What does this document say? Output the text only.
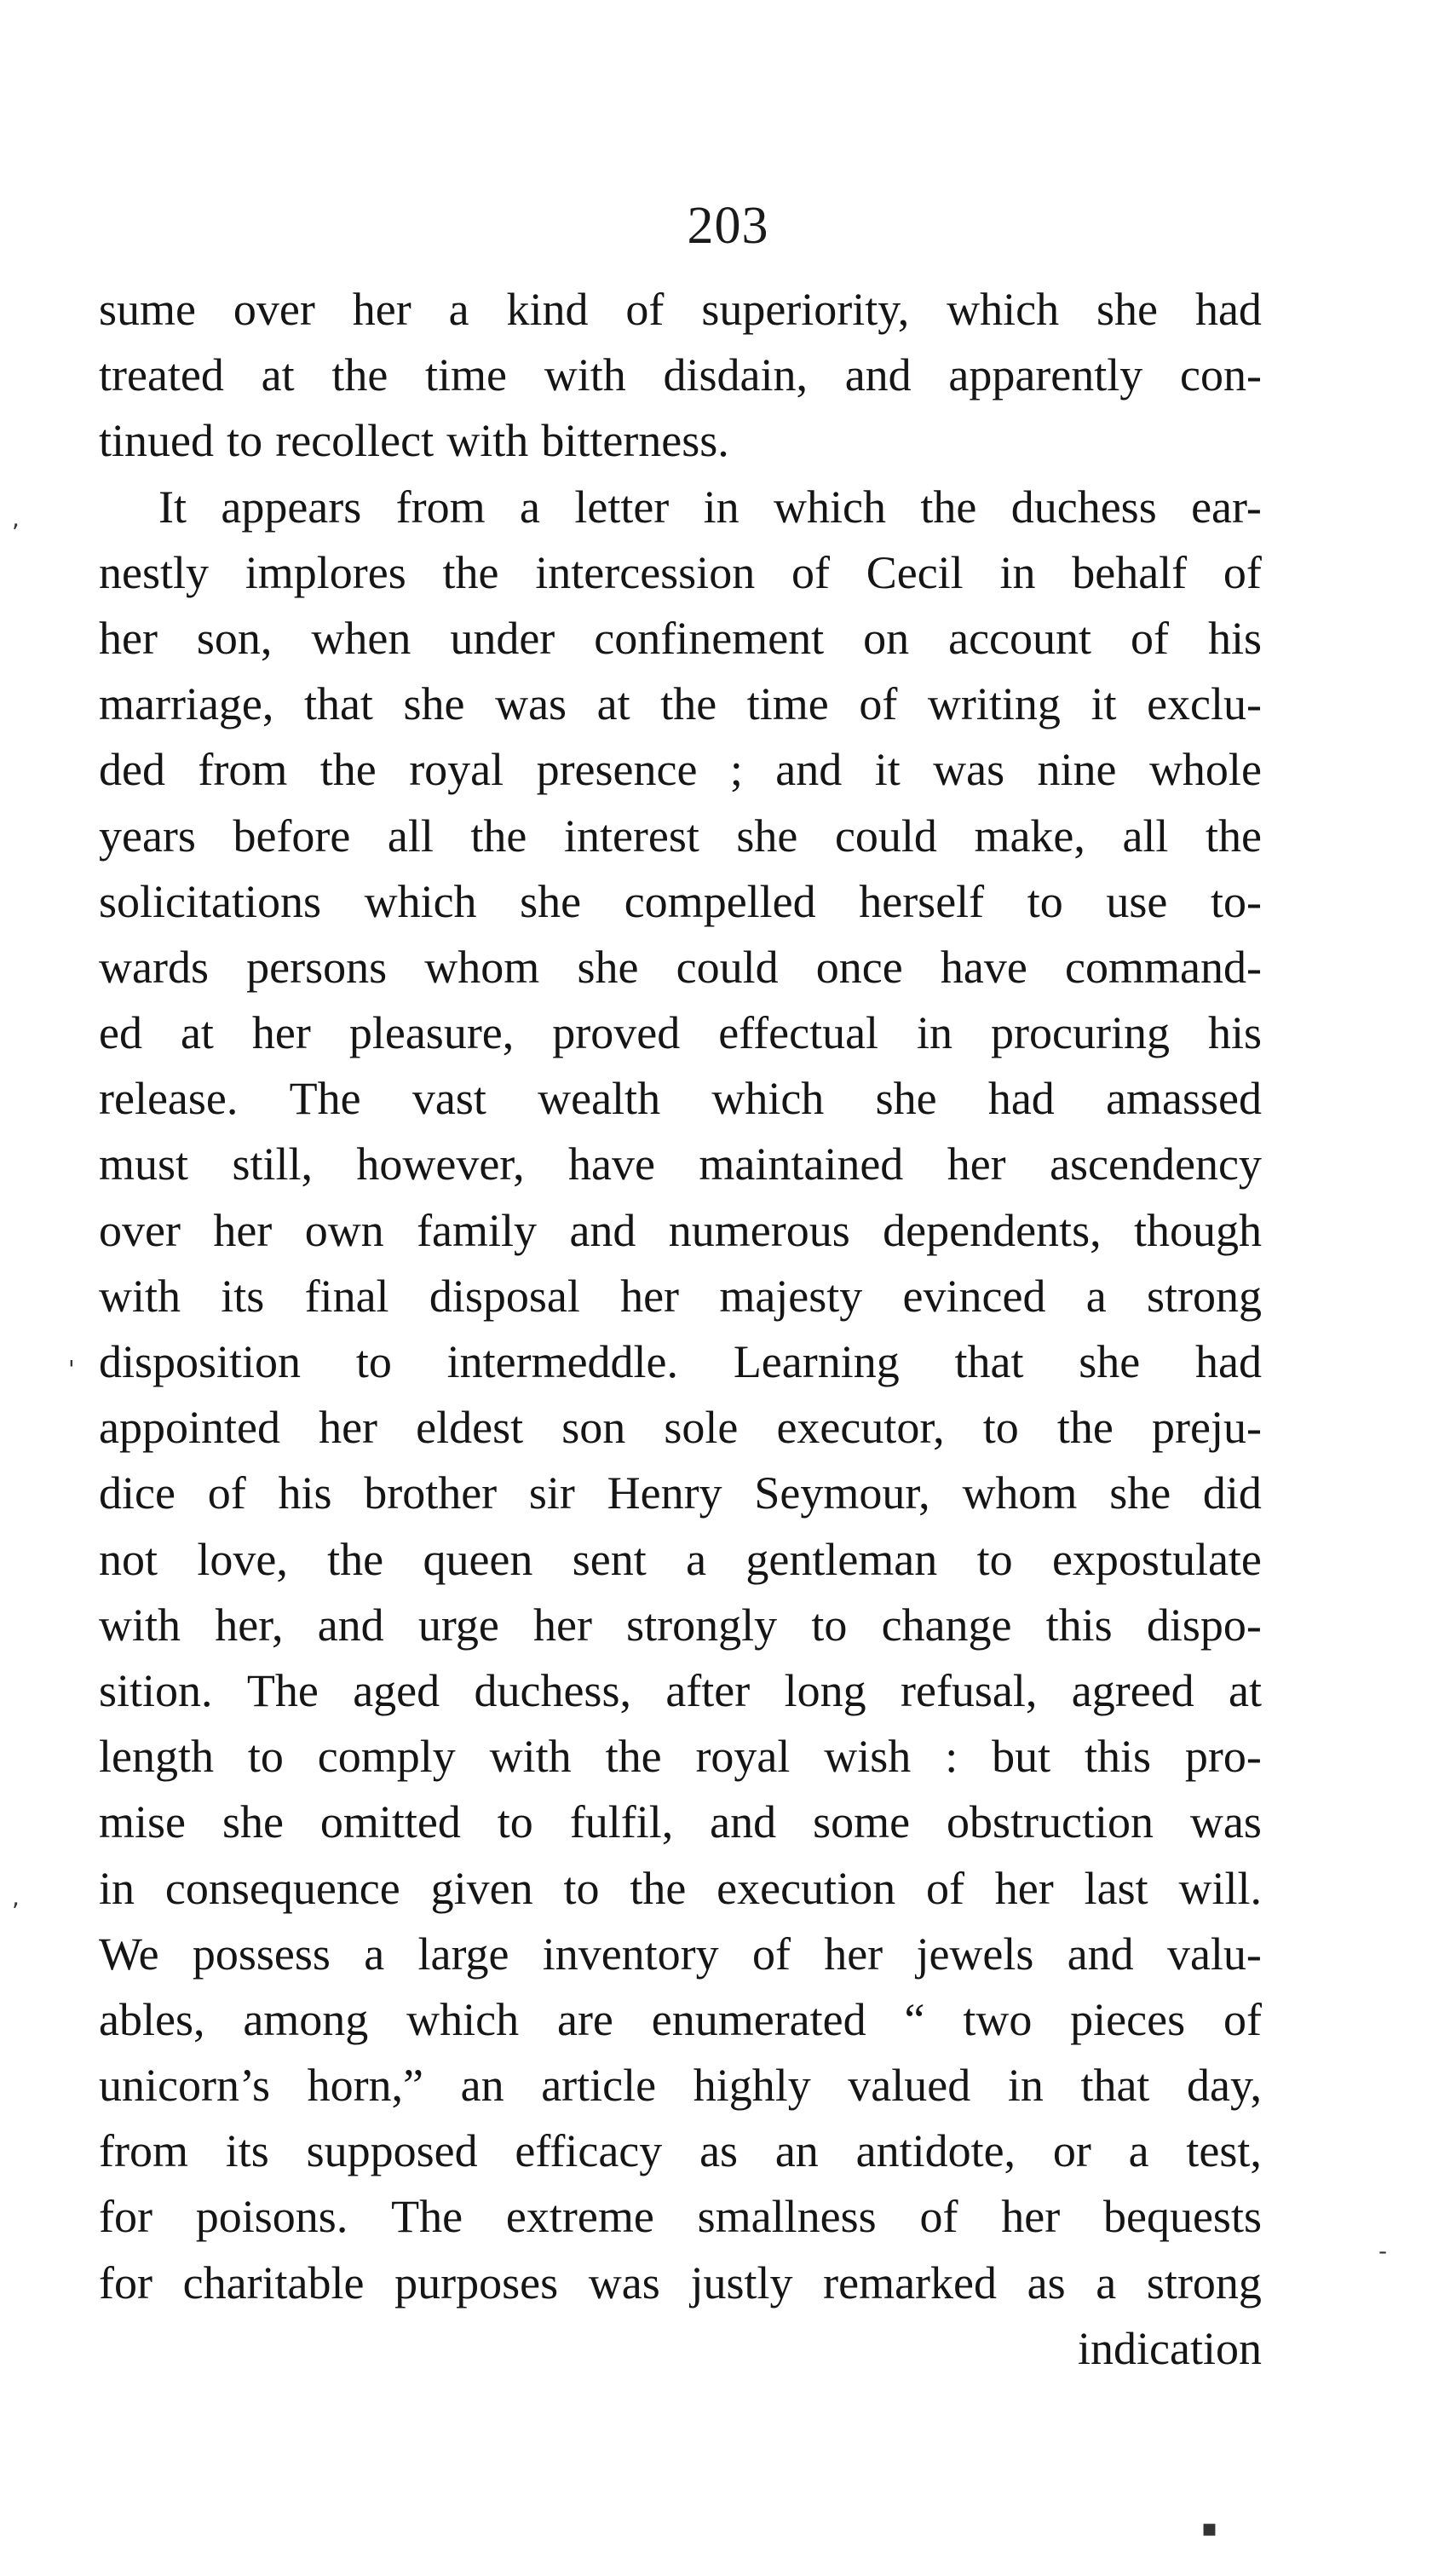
203
sume over her a kind of superiority, which she had
treated at the time with disdain, and apparently con-
tinued to recollect with bitterness.
It appears from a letter in which the duchess ear-
nestly implores the intercession of Cecil in behalf of
her son, when under confinement on account of his
marriage, that she was at the time of writing it exclu-
ded from the royal presence ; and it was nine whole
years before all the interest she could make, all the
solicitations which she compelled herself to use to-
wards persons whom she could once have command-
ed at her pleasure, proved effectual in procuring his
release. The vast wealth which she had amassed
must still, however, have maintained her ascendency
over her own family and numerous dependents, though
with its final disposal her majesty evinced a strong
disposition to intermeddle. Learning that she had
appointed her eldest son sole executor, to the preju-
dice of his brother sir Henry Seymour, whom she did
not love, the queen sent a gentleman to expostulate
with her, and urge her strongly to change this dispo-
sition. The aged duchess, after long refusal, agreed at
length to comply with the royal wish : but this pro-
mise she omitted to fulfil, and some obstruction was
in consequence given to the execution of her last will.
We possess a large inventory of her jewels and valu-
ables, among which are enumerated “ two pieces of
unicorn’s horn,” an article highly valued in that day,
from its supposed efficacy as an antidote, or a test,
for poisons. The extreme smallness of her bequests
for charitable purposes was justly remarked as a strong
indication
,
'
,
-
▪
